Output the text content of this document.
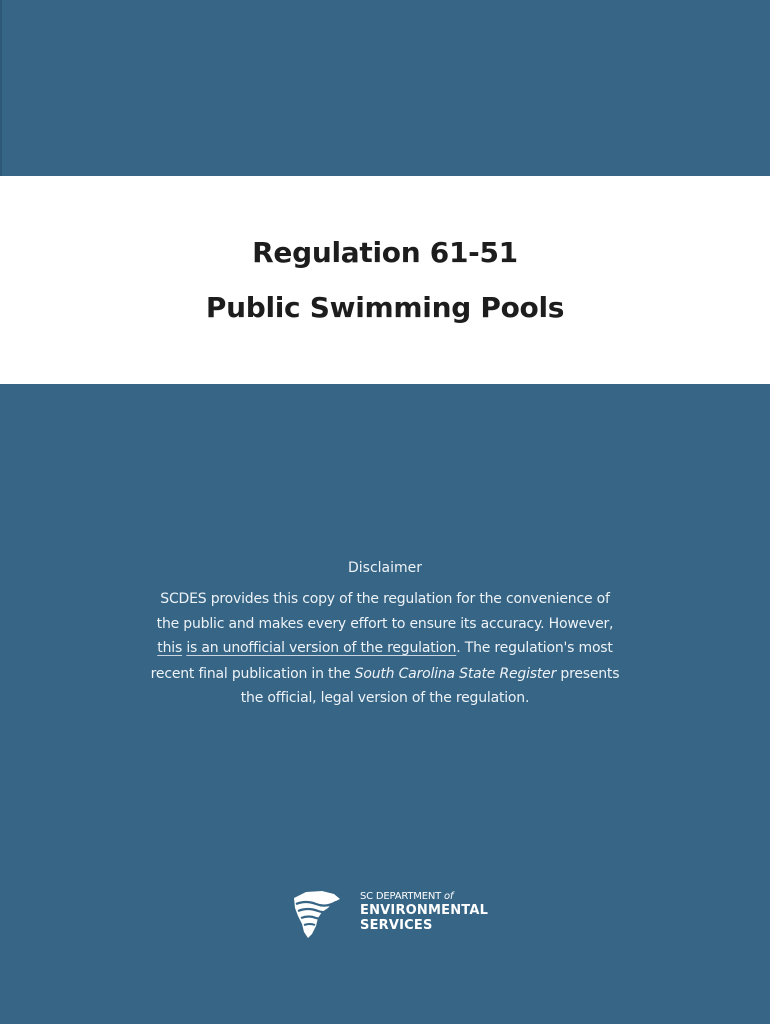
Regulation 61-51
Public Swimming Pools
Disclaimer
SCDES provides this copy of the regulation for the convenience of
the public and makes every effort to ensure its accuracy. However,
this is an unofficial version of the regulation. The regulation's most
recent final publication in the South Carolina State Register presents
the official, legal version of the regulation.
SC DEPARTMENT of
ENVIRONMENTAL
SERVICES
